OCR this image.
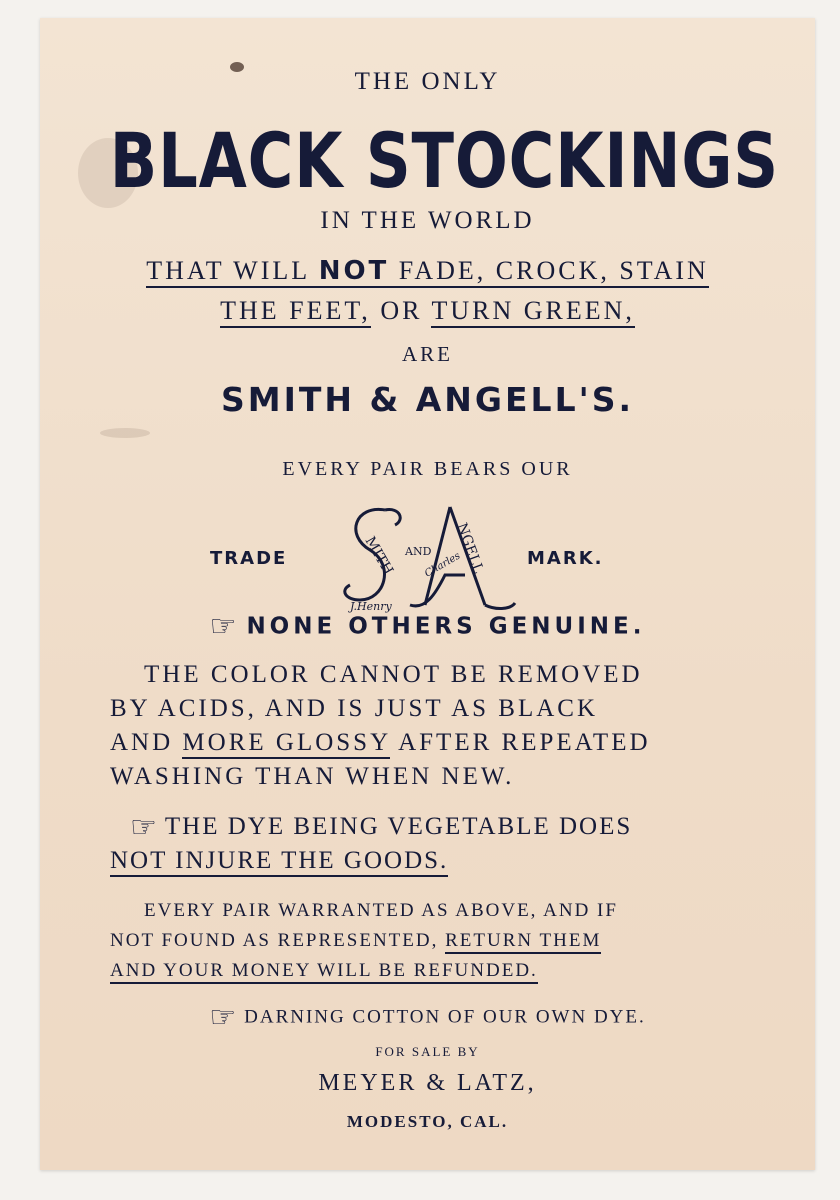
THE ONLY
BLACK STOCKINGS
IN THE WORLD
THAT WILL NOT FADE, CROCK, STAIN
THE FEET, OR TURN GREEN,
ARE
SMITH & ANGELL'S.
EVERY PAIR BEARS OUR
TRADE	MITH AND NGELL
J.Henry
Charles	MARK.
☞ NONE OTHERS GENUINE.
THE COLOR CANNOT BE REMOVED
BY ACIDS, AND IS JUST AS BLACK
AND MORE GLOSSY AFTER REPEATED
WASHING THAN WHEN NEW.
☞ THE DYE BEING VEGETABLE DOES
NOT INJURE THE GOODS.
EVERY PAIR WARRANTED AS ABOVE, AND IF
NOT FOUND AS REPRESENTED, RETURN THEM
AND YOUR MONEY WILL BE REFUNDED.
☞ DARNING COTTON OF OUR OWN DYE.
FOR SALE BY
MEYER & LATZ,
MODESTO, CAL.
